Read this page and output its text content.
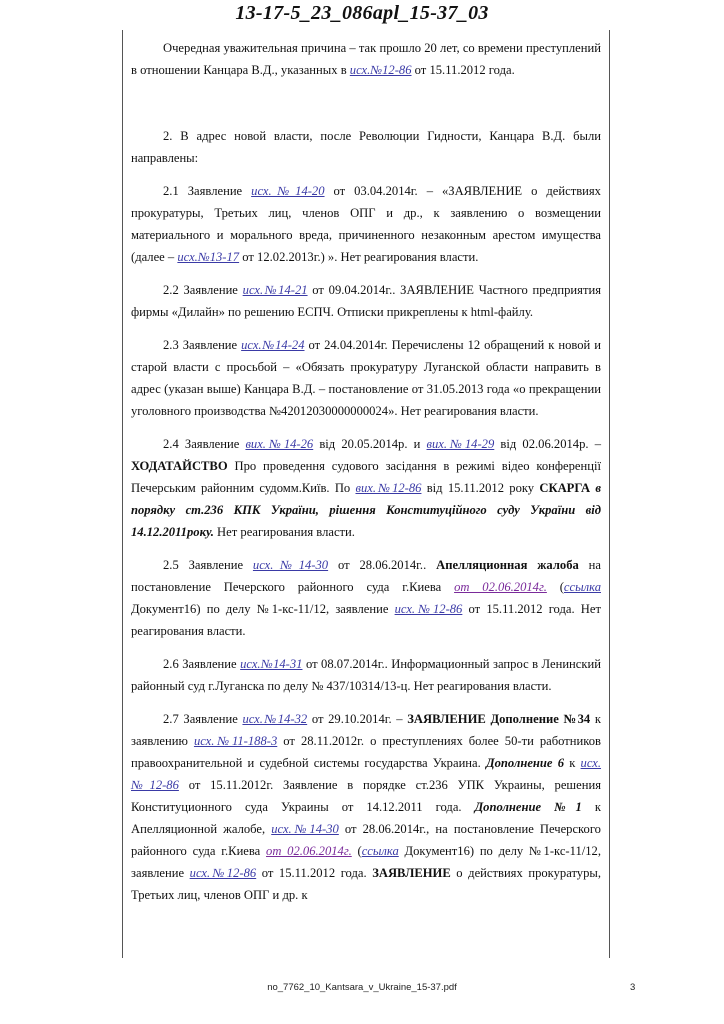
13-17-5_23_086apl_15-37_03

Очередная уважительная причина – так прошло 20 лет, со времени преступлений в отношении Канцара В.Д., указанных в исх.№12-86 от 15.11.2012 года.

2. В адрес новой власти, после Революции Гидности, Канцара В.Д. были направлены:

2.1 Заявление исх.№14-20 от 03.04.2014г. – «ЗАЯВЛЕНИЕ о действиях прокуратуры, Третьих лиц, членов ОПГ и др., к заявлению о возмещении материального и морального вреда, причиненного незаконным арестом имущества (далее – исх.№13-17 от 12.02.2013г.) ». Нет реагирования власти.

2.2 Заявление исх.№14-21 от 09.04.2014г.. ЗАЯВЛЕНИЕ Частного предприятия фирмы «Дилайн» по решению ЕСПЧ. Отписки прикреплены к html-файлу.

2.3 Заявление исх.№14-24 от 24.04.2014г. Перечислены 12 обращений к новой и старой власти с просьбой – «Обязать прокуратуру Луганской области направить в адрес (указан выше) Канцара В.Д. – постановление от 31.05.2013 года «о прекращении уголовного производства №42012030000000024». Нет реагирования власти.

2.4 Заявление вих.№14-26 від 20.05.2014р. и вих.№14-29 від 02.06.2014р. – ХОДАТАЙСТВО Про проведення судового засідання в режимі відео конференції Печерським районним судомм.Київ. По вих.№12-86 від 15.11.2012 року СКАРГА в порядку ст.236 КПК України, рішення Конституційного суду України від 14.12.2011року. Нет реагирования власти.

2.5 Заявление исх.№14-30 от 28.06.2014г.. Апелляционная жалоба на постановление Печерского районного суда г.Киева от 02.06.2014г. (ссылка Документ16) по делу №1-кс-11/12, заявление исх.№12-86 от 15.11.2012 года. Нет реагирования власти.

2.6 Заявление исх.№14-31 от 08.07.2014г.. Информационный запрос в Ленинский районный суд г.Луганска по делу № 437/10314/13-ц. Нет реагирования власти.

2.7 Заявление исх.№14-32 от 29.10.2014г. – ЗАЯВЛЕНИЕ Дополнение №34 к заявлению исх.№11-188-3 от 28.11.2012г. о преступлениях более 50-ти работников правоохранительной и судебной системы государства Украина. Дополнение 6 к исх.№12-86 от 15.11.2012г. Заявление в порядке ст.236 УПК Украины, решения Конституционного суда Украины от 14.12.2011 года. Дополнение №1 к Апелляционной жалобе, исх.№14-30 от 28.06.2014г., на постановление Печерского районного суда г.Киева от 02.06.2014г. (ссылка Документ16) по делу №1-кс-11/12, заявление исх.№12-86 от 15.11.2012 года. ЗАЯВЛЕНИЕ о действиях прокуратуры, Третьих лиц, членов ОПГ и др. к

no_7762_10_Kantsara_v_Ukraine_15-37.pdf	3
